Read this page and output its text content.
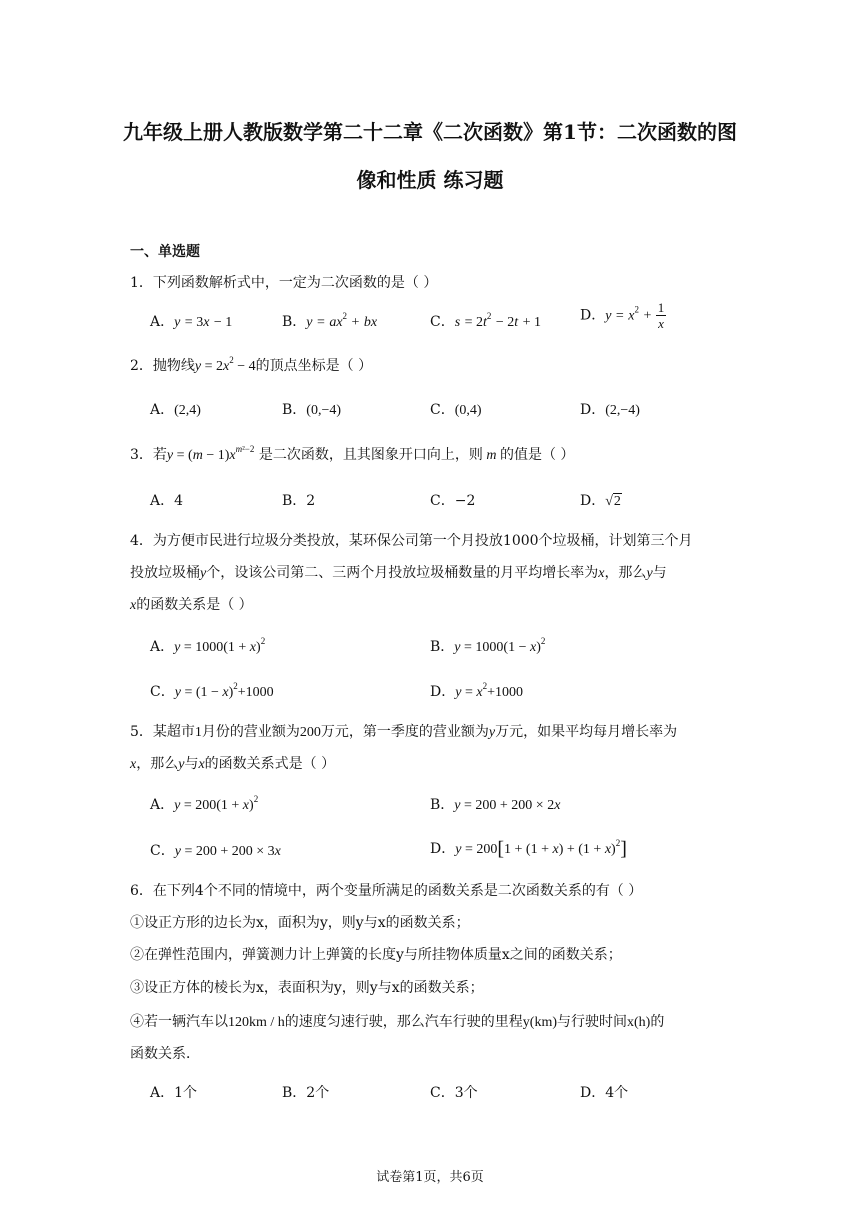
九年级上册人教版数学第二十二章《二次函数》第1节：二次函数的图像和性质 练习题
一、单选题
1．下列函数解析式中，一定为二次函数的是（ ）
A．y = 3x − 1	B．$y = ax^2$ + bx	C．$s = 2t^2 - 2t + 1$	D．$y = x^2 + \frac{1}{x}$
2．抛物线$y = 2x^2 - 4$的顶点坐标是（ ）
A．(2,4)	B．(0,−4)	C．(0,4)	D．(2,−4)
3．若$y = (m - 1)x^{m^2-2}$ 是二次函数，且其图象开口向上，则 m 的值是（ ）
A．4	B．2	C．−2	D．√2
4．为方便市民进行垃圾分类投放，某环保公司第一个月投放1000个垃圾桶，计划第三个月
投放垃圾桶y个，设该公司第二、三两个月投放垃圾桶数量的月平均增长率为x，那么y与
x的函数关系是（ ）
A．$y = 1000(1 + x)^2$	B．$y = 1000(1 - x)^2$
C．$y = (1 - x)^2+1000$	D．$y = x^2+1000$
5．某超市1月份的营业额为200万元，第一季度的营业额为y万元，如果平均每月增长率为
x，那么y与x的函数关系式是（ ）
A．$y = 200(1 + x)^2$	B．y = 200 + 200 × 2x
C．y = 200 + 200 × 3x	D．$y = 200[1 + (1 + x) + (1 + x)^2]$
6．在下列4个不同的情境中，两个变量所满足的函数关系是二次函数关系的有（ ）
①设正方形的边长为x，面积为y，则y与x的函数关系；
②在弹性范围内，弹簧测力计上弹簧的长度y与所挂物体质量x之间的函数关系；
③设正方体的棱长为x，表面积为y，则y与x的函数关系；
④若一辆汽车以120km / h的速度匀速行驶，那么汽车行驶的里程y(km)与行驶时间x(h)的
函数关系．
A．1个	B．2个	C．3个	D．4个
试卷第1页，共6页
